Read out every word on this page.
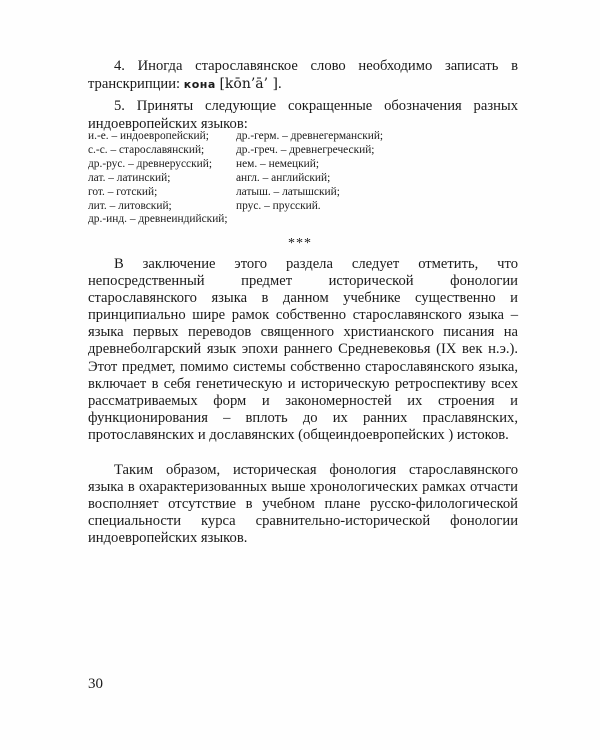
4. Иногда старославянское слово необходимо записать в транскрипции: кона [kōn’ā’ ].

5. Приняты следующие сокращенные обозначения разных индоевропейских языков:

и.-е. – индоевропейский;
с.-с. – старославянский;
др.-рус. – древнерусский;
лат. – латинский;
гот. – готский;
лит. – литовский;
др.-инд. – древнеиндийский;
др.-герм. – древнегерманский;
др.-греч. – древнегреческий;
нем. – немецкий;
англ. – английский;
латыш. – латышский;
прус. – прусский.
***

В заключение этого раздела следует отметить, что непосредственный предмет исторической фонологии старославянского языка в данном учебнике существенно и принципиально шире рамок собственно старославянского языка – языка первых переводов священного христианского писания на древнеболгарский язык эпохи раннего Средневековья (IX век н.э.). Этот предмет, помимо системы собственно старославянского языка, включает в себя генетическую и историческую ретроспективу всех рассматриваемых форм и закономерностей их строения и функционирования – вплоть до их ранних праславянских, протославянских и дославянских (общеиндоевропейских ) истоков.

Таким образом, историческая фонология старославянского языка в охарактеризованных выше хронологических рамках отчасти восполняет отсутствие в учебном плане русско-филологической специальности курса сравнительно-исторической фонологии индоевропейских языков.

30
